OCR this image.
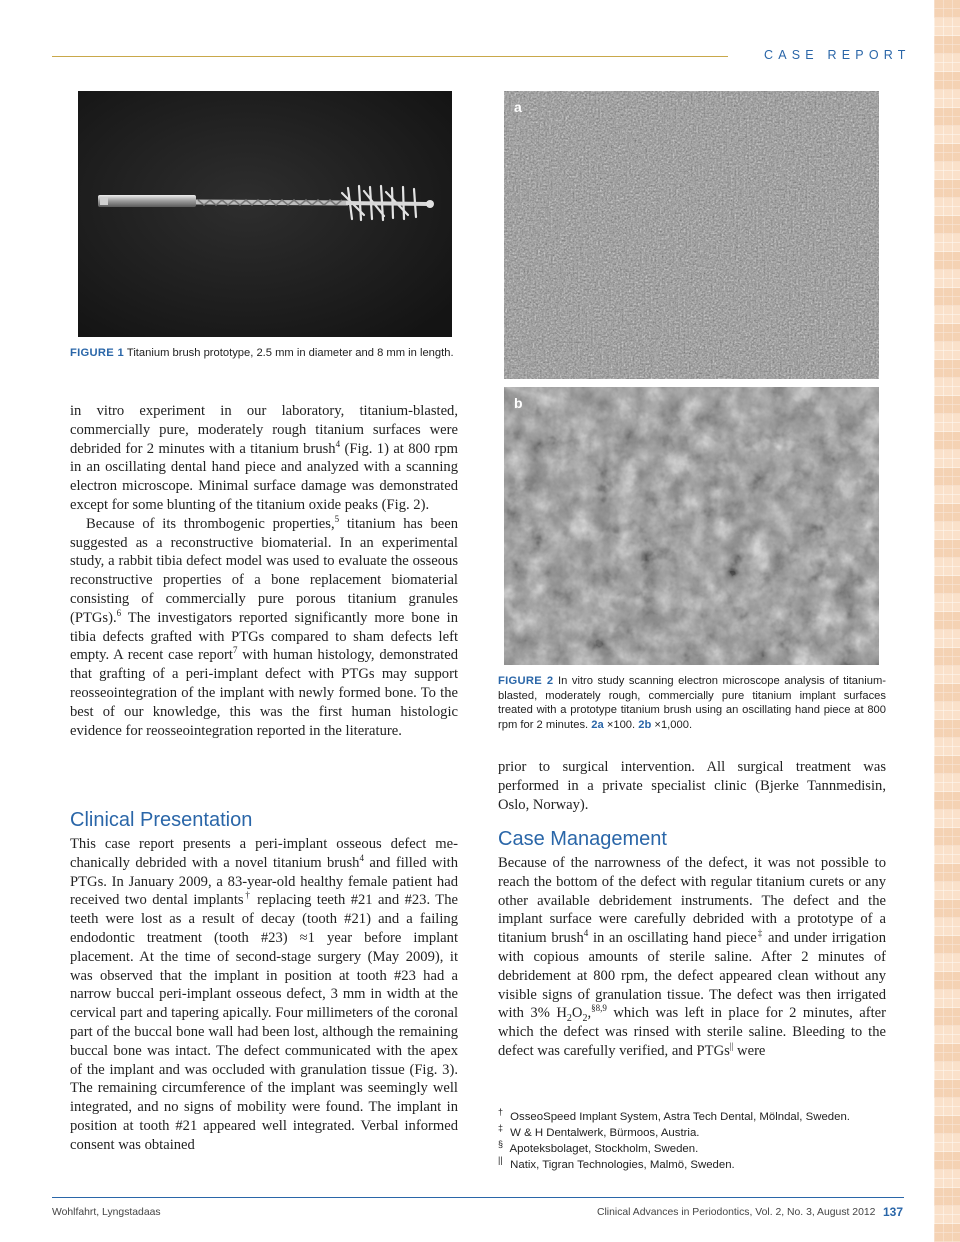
CASE REPORT
FIGURE 1 Titanium brush prototype, 2.5 mm in diameter and 8 mm in length.
a
b
FIGURE 2 In vitro study scanning electron microscope analysis of titanium-blasted, moderately rough, commercially pure titanium implant surfaces treated with a prototype titanium brush using an oscillating hand piece at 800 rpm for 2 minutes. 2a ×100. 2b ×1,000.

in vitro experiment in our laboratory, titanium-blasted, commercially pure, moderately rough titanium surfaces were debrided for 2 minutes with a titanium brush$^4$ (Fig. 1) at 800 rpm in an oscillating dental hand piece and analyzed with a scanning electron microscope. Minimal surface damage was demonstrated except for some blunting of the titanium oxide peaks (Fig. 2).

Because of its thrombogenic properties,$^5$ titanium has been suggested as a reconstructive biomaterial. In an experimental study, a rabbit tibia defect model was used to evaluate the osseous reconstructive properties of a bone replacement biomaterial consisting of commercially pure porous titanium granules (PTGs).$^6$ The investigators reported significantly more bone in tibia defects grafted with PTGs compared to sham defects left empty. A recent case report$^7$ with human histology, demonstrated that grafting of a peri-implant defect with PTGs may support reosseointegration of the implant with newly formed bone. To the best of our knowledge, this was the first human histologic evidence for reosseointegration reported in the literature.

Clinical Presentation

This case report presents a peri-implant osseous defect mechanically debrided with a novel titanium brush$^4$ and filled with PTGs. In January 2009, a 83-year-old healthy female patient had received two dental implants† replacing teeth #21 and #23. The teeth were lost as a result of decay (tooth #21) and a failing endodontic treatment (tooth #23) ≈1 year before implant placement. At the time of second-stage surgery (May 2009), it was observed that the implant in position at tooth #23 had a narrow buccal peri-implant osseous defect, 3 mm in width at the cervical part and tapering apically. Four millimeters of the coronal part of the buccal bone wall had been lost, although the remaining buccal bone was intact. The defect communicated with the apex of the implant and was occluded with granulation tissue (Fig. 3). The remaining circumference of the implant was seemingly well integrated, and no signs of mobility were found. The implant in position at tooth #21 appeared well integrated. Verbal informed consent was obtained

prior to surgical intervention. All surgical treatment was performed in a private specialist clinic (Bjerke Tannmedisin, Oslo, Norway).

Case Management

Because of the narrowness of the defect, it was not possible to reach the bottom of the defect with regular titanium curets or any other available debridement instruments. The defect and the implant surface were carefully debrided with a prototype of a titanium brush$^4$ in an oscillating hand piece‡ and under irrigation with copious amounts of sterile saline. After 2 minutes of debridement at 800 rpm, the defect appeared clean without any visible signs of granulation tissue. The defect was then irrigated with 3% $H_2O_2,^{\S 8,9}$ which was left in place for 2 minutes, after which the defect was rinsed with sterile saline. Bleeding to the defect was carefully verified, and PTGs|| were

† OsseoSpeed Implant System, Astra Tech Dental, Mölndal, Sweden.
‡ W & H Dentalwerk, Bürmoos, Austria.
§ Apoteksbolaget, Stockholm, Sweden.
|| Natix, Tigran Technologies, Malmö, Sweden.
Wohlfahrt, Lyngstadaas	Clinical Advances in Periodontics, Vol. 2, No. 3, August 2012 137
